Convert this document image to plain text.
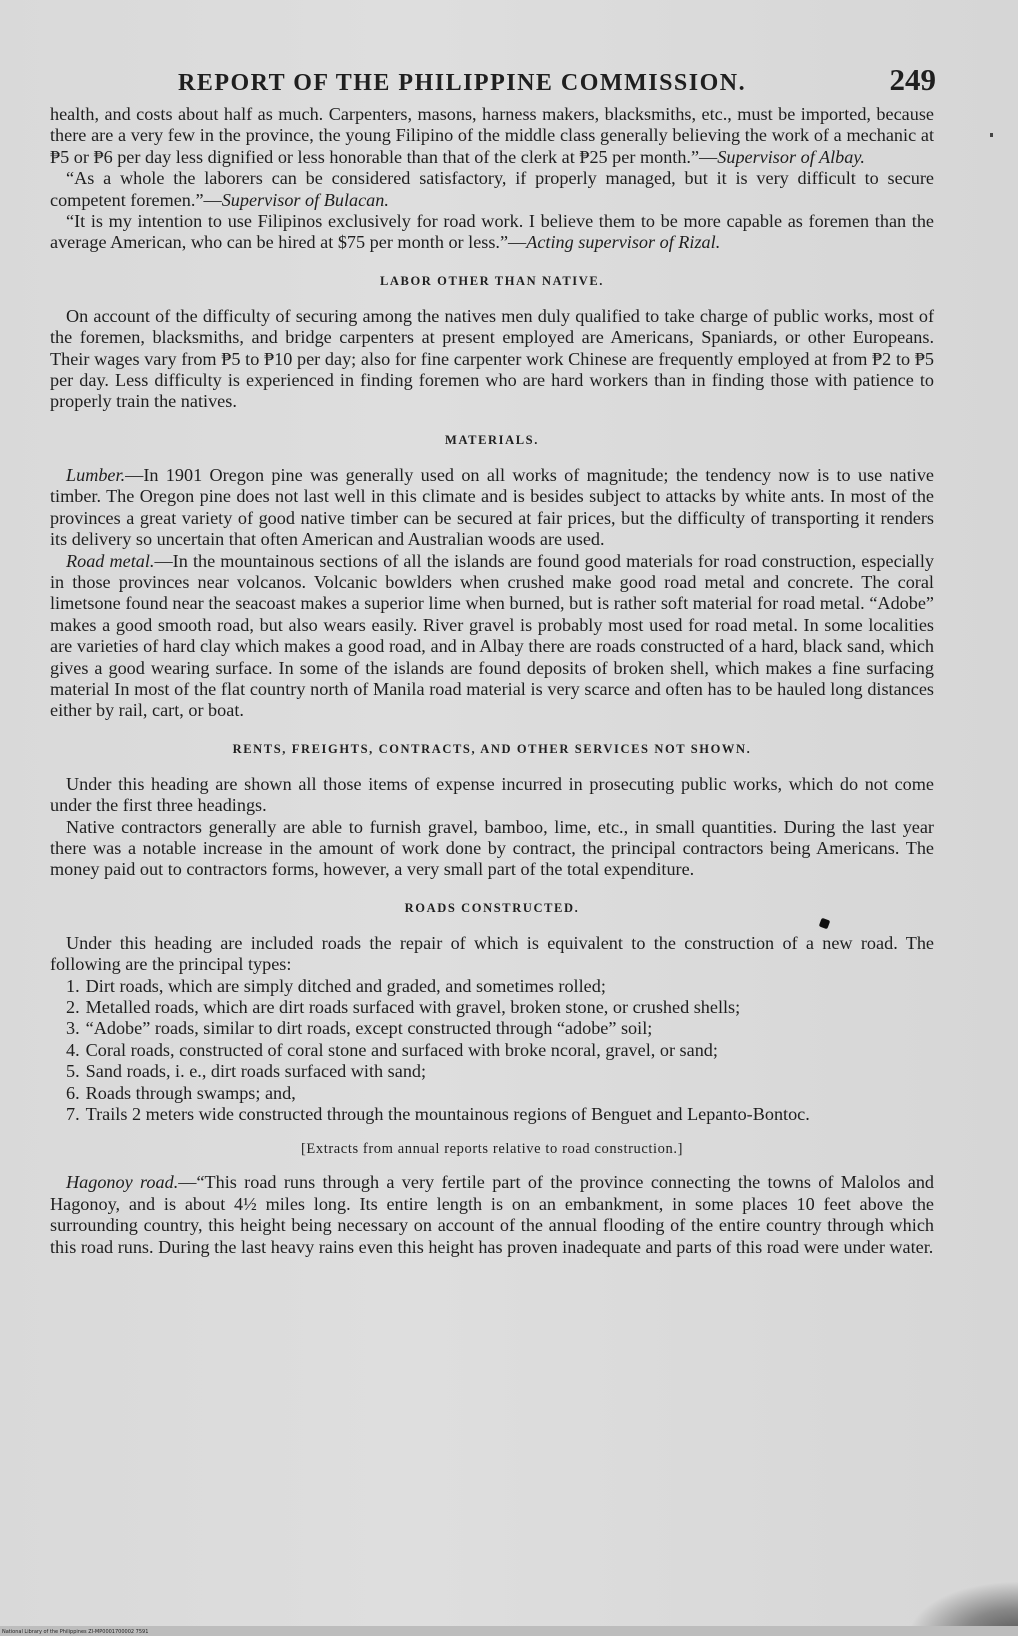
REPORT OF THE PHILIPPINE COMMISSION.	249

health, and costs about half as much. Carpenters, masons, harness makers, blacksmiths, etc., must be imported, because there are a very few in the province, the young Filipino of the middle class generally believing the work of a mechanic at ₱5 or ₱6 per day less dignified or less honorable than that of the clerk at ₱25 per month.”—Supervisor of Albay.

“As a whole the laborers can be considered satisfactory, if properly managed, but it is very difficult to secure competent foremen.”—Supervisor of Bulacan.

“It is my intention to use Filipinos exclusively for road work. I believe them to be more capable as foremen than the average American, who can be hired at $75 per month or less.”—Acting supervisor of Rizal.

LABOR OTHER THAN NATIVE.

On account of the difficulty of securing among the natives men duly qualified to take charge of public works, most of the foremen, blacksmiths, and bridge carpenters at present employed are Americans, Spaniards, or other Europeans. Their wages vary from ₱5 to ₱10 per day; also for fine carpenter work Chinese are frequently employed at from ₱2 to ₱5 per day. Less difficulty is experienced in finding foremen who are hard workers than in finding those with patience to properly train the natives.

MATERIALS.

Lumber.—In 1901 Oregon pine was generally used on all works of magnitude; the tendency now is to use native timber. The Oregon pine does not last well in this climate and is besides subject to attacks by white ants. In most of the provinces a great variety of good native timber can be secured at fair prices, but the difficulty of transporting it renders its delivery so uncertain that often American and Australian woods are used.

Road metal.—In the mountainous sections of all the islands are found good materials for road construction, especially in those provinces near volcanos. Volcanic bowlders when crushed make good road metal and concrete. The coral limetsone found near the seacoast makes a superior lime when burned, but is rather soft material for road metal. “Adobe” makes a good smooth road, but also wears easily. River gravel is probably most used for road metal. In some localities are varieties of hard clay which makes a good road, and in Albay there are roads constructed of a hard, black sand, which gives a good wearing surface. In some of the islands are found deposits of broken shell, which makes a fine surfacing material In most of the flat country north of Manila road material is very scarce and often has to be hauled long distances either by rail, cart, or boat.

RENTS, FREIGHTS, CONTRACTS, AND OTHER SERVICES NOT SHOWN.

Under this heading are shown all those items of expense incurred in prosecuting public works, which do not come under the first three headings.

Native contractors generally are able to furnish gravel, bamboo, lime, etc., in small quantities. During the last year there was a notable increase in the amount of work done by contract, the principal contractors being Americans. The money paid out to contractors forms, however, a very small part of the total expenditure.

ROADS CONSTRUCTED.

Under this heading are included roads the repair of which is equivalent to the construction of a new road. The following are the principal types:

1. Dirt roads, which are simply ditched and graded, and sometimes rolled;
2. Metalled roads, which are dirt roads surfaced with gravel, broken stone, or crushed shells;
3. “Adobe” roads, similar to dirt roads, except constructed through “adobe” soil;
4. Coral roads, constructed of coral stone and surfaced with broke ncoral, gravel, or sand;
5. Sand roads, i. e., dirt roads surfaced with sand;
6. Roads through swamps; and,
7. Trails 2 meters wide constructed through the mountainous regions of Benguet and Lepanto-Bontoc.
[Extracts from annual reports relative to road construction.]

Hagonoy road.—“This road runs through a very fertile part of the province connecting the towns of Malolos and Hagonoy, and is about 4½ miles long. Its entire length is on an embankment, in some places 10 feet above the surrounding country, this height being necessary on account of the annual flooding of the entire country through which this road runs. During the last heavy rains even this height has proven inadequate and parts of this road were under water.

National Library of the Philippines ZI-MP0001700002 7591
